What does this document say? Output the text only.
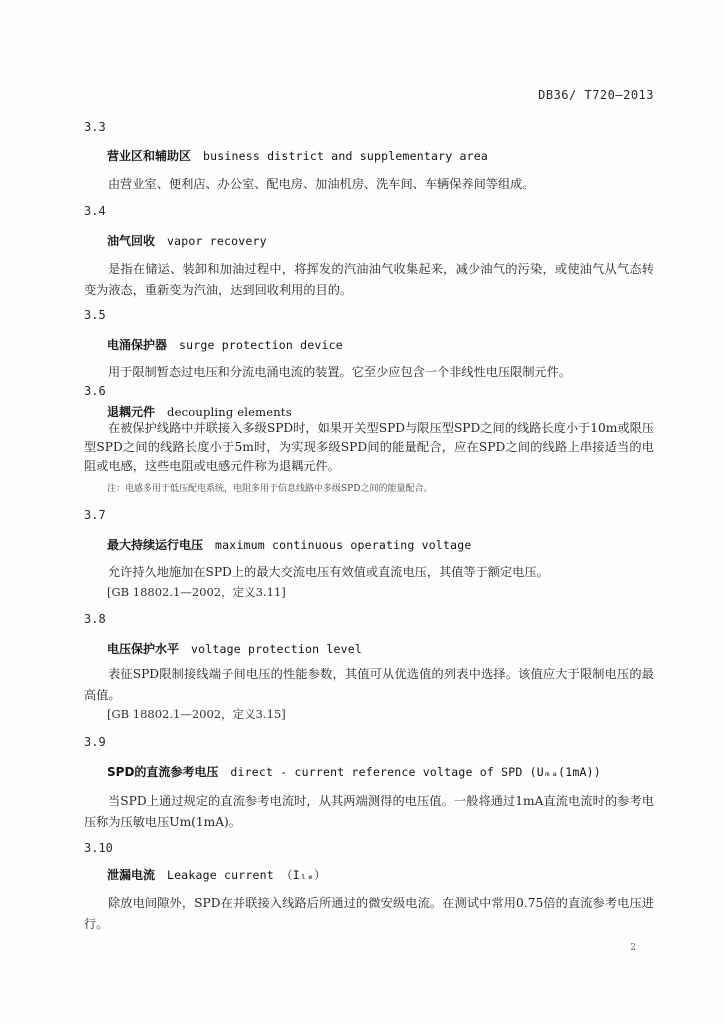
DB36/ T720—2013
3.3
营业区和辅助区 business district and supplementary area
由营业室、便利店、办公室、配电房、加油机房、洗车间、车辆保养间等组成。
3.4
油气回收 vapor recovery
是指在储运、装卸和加油过程中，将挥发的汽油油气收集起来，减少油气的污染，或使油气从气态转变为液态，重新变为汽油，达到回收利用的目的。
3.5
电涌保护器 surge protection device
用于限制暂态过电压和分流电涌电流的装置。它至少应包含一个非线性电压限制元件。
3.6
退耦元件 decoupling elements
在被保护线路中并联接入多级SPD时，如果开关型SPD与限压型SPD之间的线路长度小于10m或限压型SPD之间的线路长度小于5m时，为实现多级SPD间的能量配合，应在SPD之间的线路上串接适当的电阻或电感，这些电阻或电感元件称为退耦元件。
注：电感多用于低压配电系统，电阻多用于信息线路中多级SPD之间的能量配合。
3.7
最大持续运行电压 maximum continuous operating voltage
允许持久地施加在SPD上的最大交流电压有效值或直流电压，其值等于额定电压。
[GB 18802.1—2002，定义3.11]
3.8
电压保护水平 voltage protection level
表征SPD限制接线端子间电压的性能参数，其值可从优选值的列表中选择。该值应大于限制电压的最高值。
[GB 18802.1—2002，定义3.15]
3.9
SPD的直流参考电压 direct - current reference voltage of SPD (Uₘₐ(1mA))
当SPD上通过规定的直流参考电流时，从其两端测得的电压值。一般将通过1mA直流电流时的参考电压称为压敏电压Um(1mA)。
3.10
泄漏电流 Leakage current （Iₗₑ）
除放电间隙外，SPD在并联接入线路后所通过的微安级电流。在测试中常用0.75倍的直流参考电压进行。
2
